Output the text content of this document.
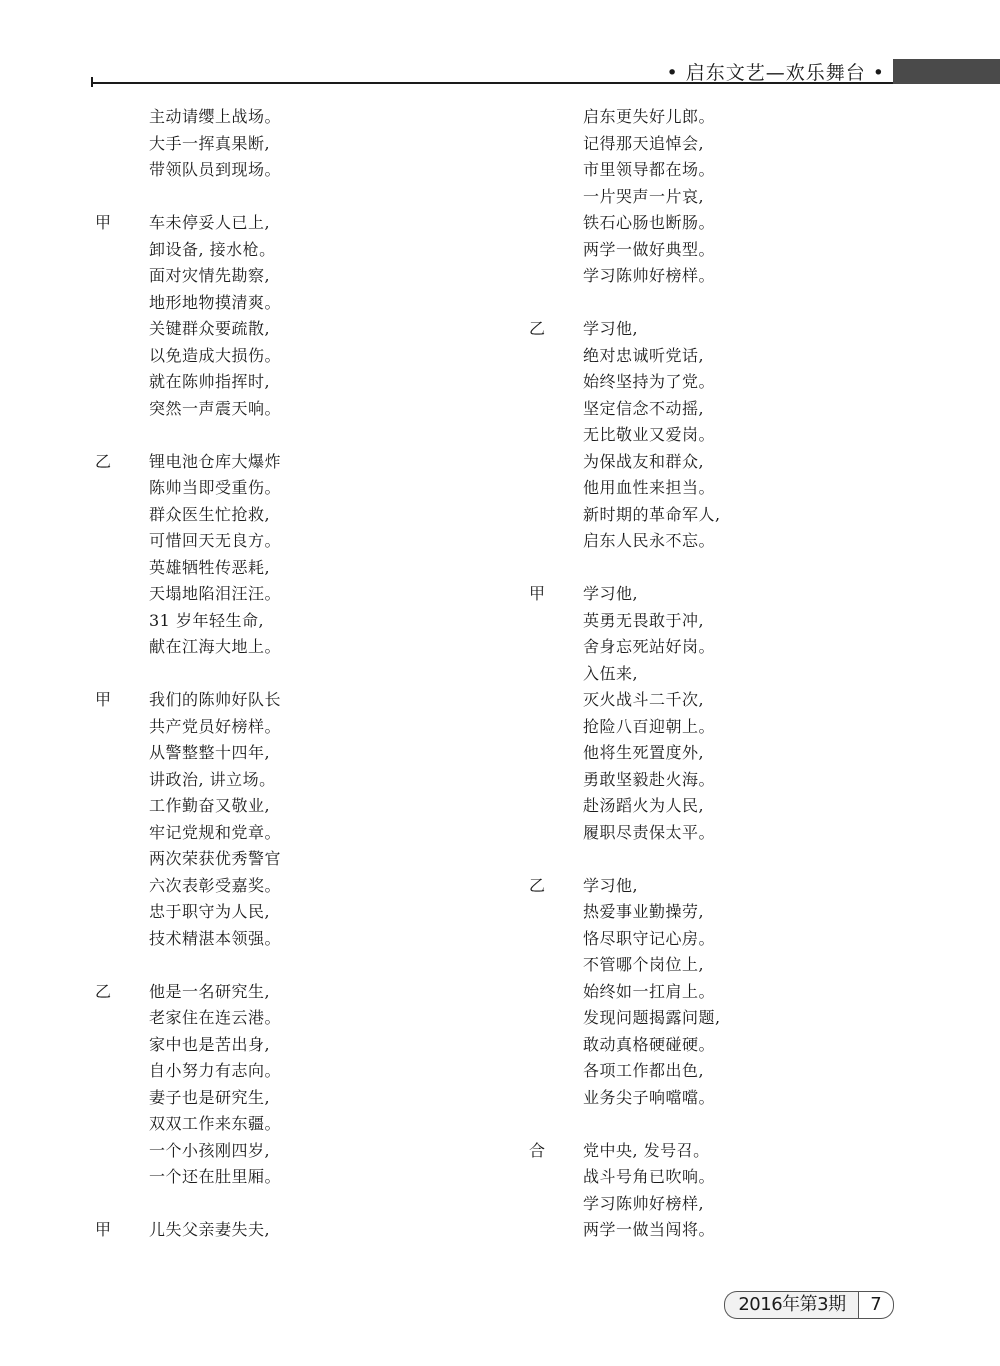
• 启东文艺—欢乐舞台 •
主动请缨上战场。
大手一挥真果断,
带领队员到现场。
甲	车未停妥人已上,
卸设备, 接水枪。
面对灾情先勘察,
地形地物摸清爽。
关键群众要疏散,
以免造成大损伤。
就在陈帅指挥时,
突然一声震天响。
乙	锂电池仓库大爆炸
陈帅当即受重伤。
群众医生忙抢救,
可惜回天无良方。
英雄牺牲传恶耗,
天塌地陷泪汪汪。
31 岁年轻生命,
献在江海大地上。
甲	我们的陈帅好队长
共产党员好榜样。
从警整整十四年,
讲政治, 讲立场。
工作勤奋又敬业,
牢记党规和党章。
两次荣获优秀警官
六次表彰受嘉奖。
忠于职守为人民,
技术精湛本领强。
乙	他是一名研究生,
老家住在连云港。
家中也是苦出身,
自小努力有志向。
妻子也是研究生,
双双工作来东疆。
一个小孩刚四岁,
一个还在肚里厢。
甲	儿失父亲妻失夫,
启东更失好儿郎。
记得那天追悼会,
市里领导都在场。
一片哭声一片哀,
铁石心肠也断肠。
两学一做好典型。
学习陈帅好榜样。
乙	学习他,
绝对忠诚听党话,
始终坚持为了党。
坚定信念不动摇,
无比敬业又爱岗。
为保战友和群众,
他用血性来担当。
新时期的革命军人,
启东人民永不忘。
甲	学习他,
英勇无畏敢于冲,
舍身忘死站好岗。
入伍来,
灭火战斗二千次,
抢险八百迎朝上。
他将生死置度外,
勇敢坚毅赴火海。
赴汤蹈火为人民,
履职尽责保太平。
乙	学习他,
热爱事业勤操劳,
恪尽职守记心房。
不管哪个岗位上,
始终如一扛肩上。
发现问题揭露问题,
敢动真格硬碰硬。
各项工作都出色,
业务尖子响噹噹。
合	党中央, 发号召。
战斗号角已吹响。
学习陈帅好榜样,
两学一做当闯将。
2016年第3期	7
